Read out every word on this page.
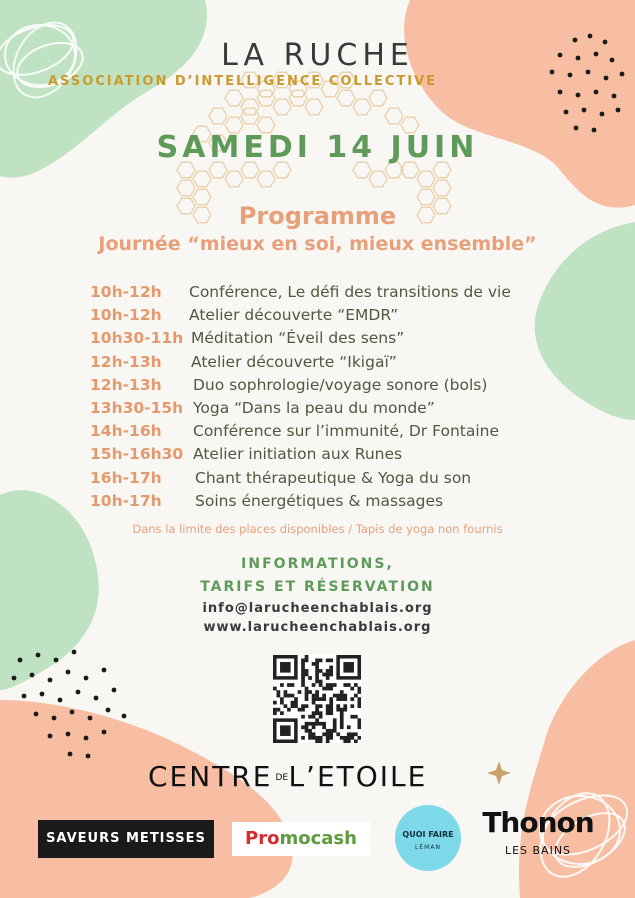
LA RUCHE
ASSOCIATION D’INTELLIGENCE COLLECTIVE
SAMEDI 14 JUIN
Programme
Journée “mieux en soi, mieux ensemble”
10h-12h Conférence, Le défi des transitions de vie
10h-12h Atelier découverte “EMDR”
10h30-11h Méditation “Éveil des sens”
12h-13h Atelier découverte “Ikigaï”
12h-13h Duo sophrologie/voyage sonore (bols)
13h30-15h Yoga “Dans la peau du monde”
14h-16h Conférence sur l’immunité, Dr Fontaine
15h-16h30 Atelier initiation aux Runes
16h-17h Chant thérapeutique & Yoga du son
10h-17h Soins énergétiques & massages
Dans la limite des places disponibles / Tapis de yoga non fournis
INFORMATIONS,
TARIFS ET RÉSERVATION
info@larucheenchablais.org
www.larucheenchablais.org
CENTRE DEL’ETOILE
SAVEURS METISSES	Promocash	QUOI FAIRE
LÉMAN
Thonon
LES BAINS
